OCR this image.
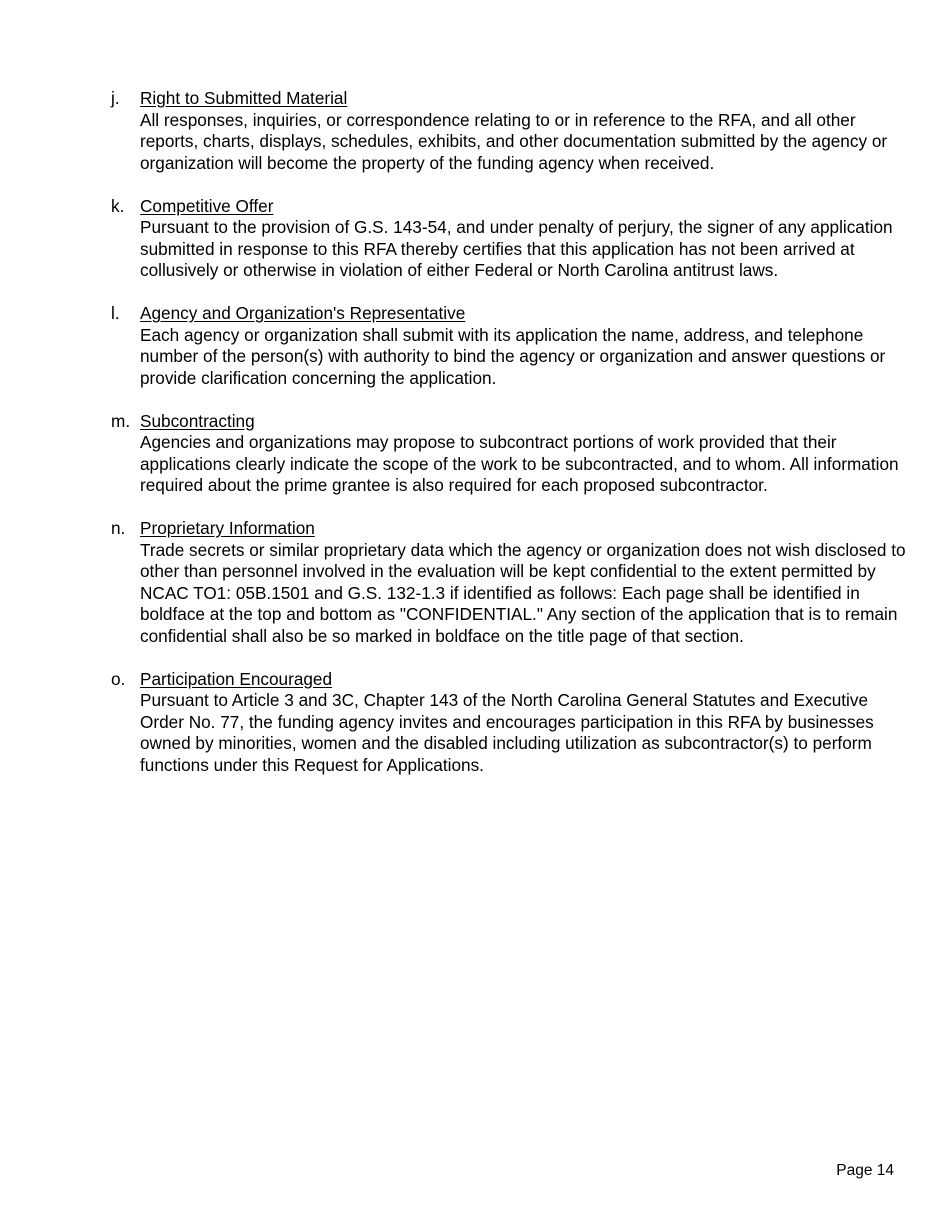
j. Right to Submitted Material
All responses, inquiries, or correspondence relating to or in reference to the RFA, and all other reports, charts, displays, schedules, exhibits, and other documentation submitted by the agency or organization will become the property of the funding agency when received.
k. Competitive Offer
Pursuant to the provision of G.S. 143-54, and under penalty of perjury, the signer of any application submitted in response to this RFA thereby certifies that this application has not been arrived at collusively or otherwise in violation of either Federal or North Carolina antitrust laws.
l. Agency and Organization's Representative
Each agency or organization shall submit with its application the name, address, and telephone number of the person(s) with authority to bind the agency or organization and answer questions or provide clarification concerning the application.
m. Subcontracting
Agencies and organizations may propose to subcontract portions of work provided that their applications clearly indicate the scope of the work to be subcontracted, and to whom. All information required about the prime grantee is also required for each proposed subcontractor.
n. Proprietary Information
Trade secrets or similar proprietary data which the agency or organization does not wish disclosed to other than personnel involved in the evaluation will be kept confidential to the extent permitted by NCAC TO1: 05B.1501 and G.S. 132-1.3 if identified as follows: Each page shall be identified in boldface at the top and bottom as "CONFIDENTIAL." Any section of the application that is to remain confidential shall also be so marked in boldface on the title page of that section.
o. Participation Encouraged
Pursuant to Article 3 and 3C, Chapter 143 of the North Carolina General Statutes and Executive Order No. 77, the funding agency invites and encourages participation in this RFA by businesses owned by minorities, women and the disabled including utilization as subcontractor(s) to perform functions under this Request for Applications.
Page 14
